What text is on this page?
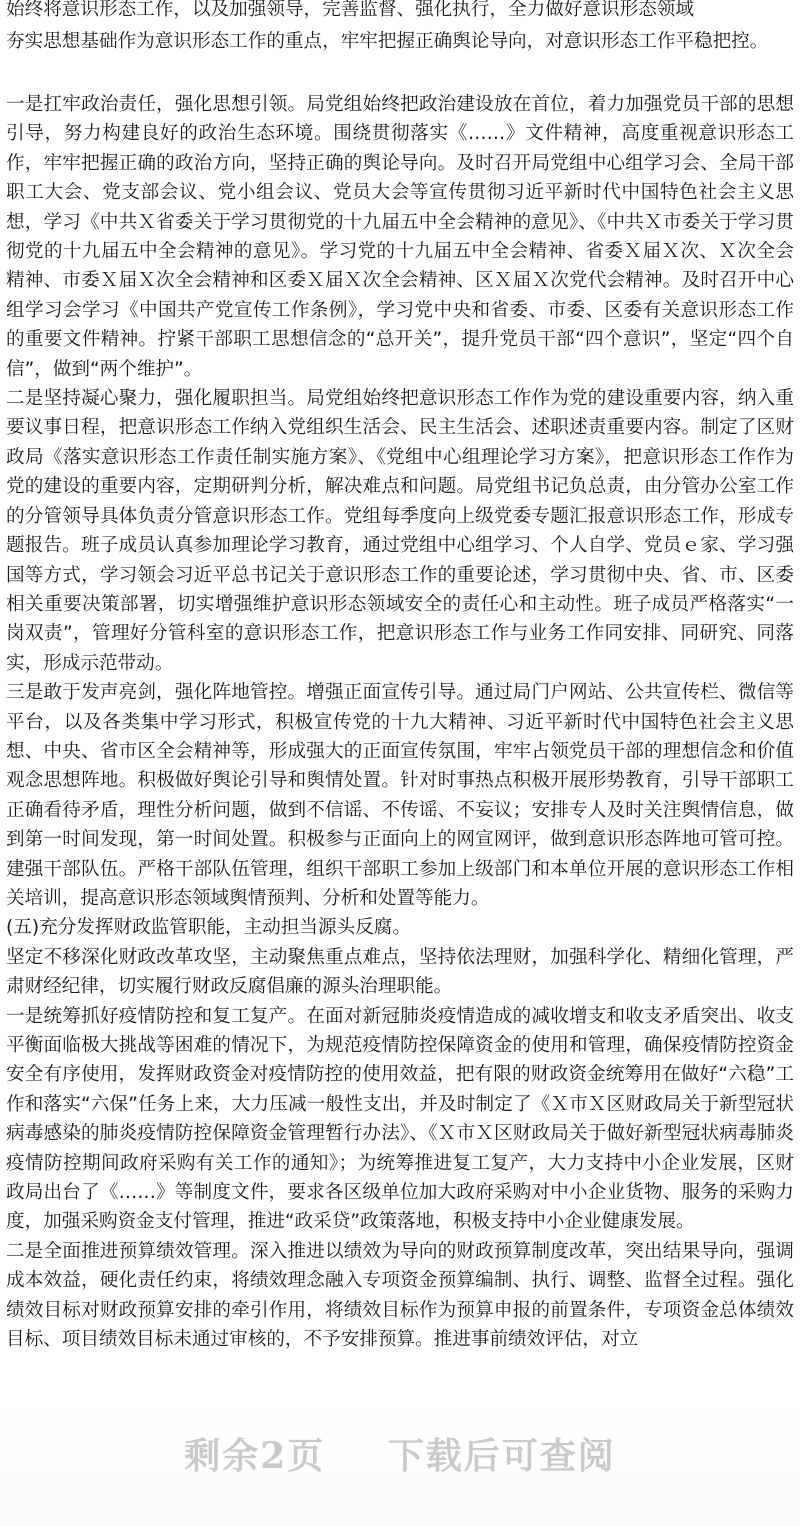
始终将意识形态工作，以及加强领导，完善监督、强化执行，全力做好意识形态领域
夯实思想基础作为意识形态工作的重点，牢牢把握正确舆论导向，对意识形态工作平稳把控。

一是扛牢政治责任，强化思想引领。局党组始终把政治建设放在首位，着力加强党员干部的思想引导，努力构建良好的政治生态环境。围绕贯彻落实《……》文件精神，高度重视意识形态工作，牢牢把握正确的政治方向，坚持正确的舆论导向。及时召开局党组中心组学习会、全局干部职工大会、党支部会议、党小组会议、党员大会等宣传贯彻习近平新时代中国特色社会主义思想，学习《中共Ｘ省委关于学习贯彻党的十九届五中全会精神的意见》、《中共Ｘ市委关于学习贯彻党的十九届五中全会精神的意见》。学习党的十九届五中全会精神、省委Ｘ届Ｘ次、Ｘ次全会精神、市委Ｘ届Ｘ次全会精神和区委Ｘ届Ｘ次全会精神、区Ｘ届Ｘ次党代会精神。及时召开中心组学习会学习《中国共产党宣传工作条例》，学习党中央和省委、市委、区委有关意识形态工作的重要文件精神。拧紧干部职工思想信念的“总开关”，提升党员干部“四个意识”，坚定“四个自信”，做到“两个维护”。

二是坚持凝心聚力，强化履职担当。局党组始终把意识形态工作作为党的建设重要内容，纳入重要议事日程，把意识形态工作纳入党组织生活会、民主生活会、述职述责重要内容。制定了区财政局《落实意识形态工作责任制实施方案》、《党组中心组理论学习方案》，把意识形态工作作为党的建设的重要内容，定期研判分析，解决难点和问题。局党组书记负总责，由分管办公室工作的分管领导具体负责分管意识形态工作。党组每季度向上级党委专题汇报意识形态工作，形成专题报告。班子成员认真参加理论学习教育，通过党组中心组学习、个人自学、党员ｅ家、学习强国等方式，学习领会习近平总书记关于意识形态工作的重要论述，学习贯彻中央、省、市、区委相关重要决策部署，切实增强维护意识形态领域安全的责任心和主动性。班子成员严格落实“一岗双责”，管理好分管科室的意识形态工作，把意识形态工作与业务工作同安排、同研究、同落实，形成示范带动。

三是敢于发声亮剑，强化阵地管控。增强正面宣传引导。通过局门户网站、公共宣传栏、微信等平台，以及各类集中学习形式，积极宣传党的十九大精神、习近平新时代中国特色社会主义思想、中央、省市区全会精神等，形成强大的正面宣传氛围，牢牢占领党员干部的理想信念和价值观念思想阵地。积极做好舆论引导和舆情处置。针对时事热点积极开展形势教育，引导干部职工正确看待矛盾，理性分析问题，做到不信谣、不传谣、不妄议；安排专人及时关注舆情信息，做到第一时间发现，第一时间处置。积极参与正面向上的网宣网评，做到意识形态阵地可管可控。建强干部队伍。严格干部队伍管理，组织干部职工参加上级部门和本单位开展的意识形态工作相关培训，提高意识形态领域舆情预判、分析和处置等能力。

(五)充分发挥财政监管职能，主动担当源头反腐。

坚定不移深化财政改革攻坚，主动聚焦重点难点，坚持依法理财，加强科学化、精细化管理，严肃财经纪律，切实履行财政反腐倡廉的源头治理职能。

一是统筹抓好疫情防控和复工复产。在面对新冠肺炎疫情造成的减收增支和收支矛盾突出、收支平衡面临极大挑战等困难的情况下，为规范疫情防控保障资金的使用和管理，确保疫情防控资金安全有序使用，发挥财政资金对疫情防控的使用效益，把有限的财政资金统筹用在做好“六稳”工作和落实“六保”任务上来，大力压减一般性支出，并及时制定了《Ｘ市Ｘ区财政局关于新型冠状病毒感染的肺炎疫情防控保障资金管理暂行办法》、《Ｘ市Ｘ区财政局关于做好新型冠状病毒肺炎疫情防控期间政府采购有关工作的通知》；为统筹推进复工复产，大力支持中小企业发展，区财政局出台了《……》等制度文件，要求各区级单位加大政府采购对中小企业货物、服务的采购力度，加强采购资金支付管理，推进“政采贷”政策落地，积极支持中小企业健康发展。

二是全面推进预算绩效管理。深入推进以绩效为导向的财政预算制度改革，突出结果导向，强调成本效益，硬化责任约束，将绩效理念融入专项资金预算编制、执行、调整、监督全过程。强化绩效目标对财政预算安排的牵引作用，将绩效目标作为预算申报的前置条件，专项资金总体绩效目标、项目绩效目标未通过审核的，不予安排预算。推进事前绩效评估，对立

剩余2页 下载后可查阅
